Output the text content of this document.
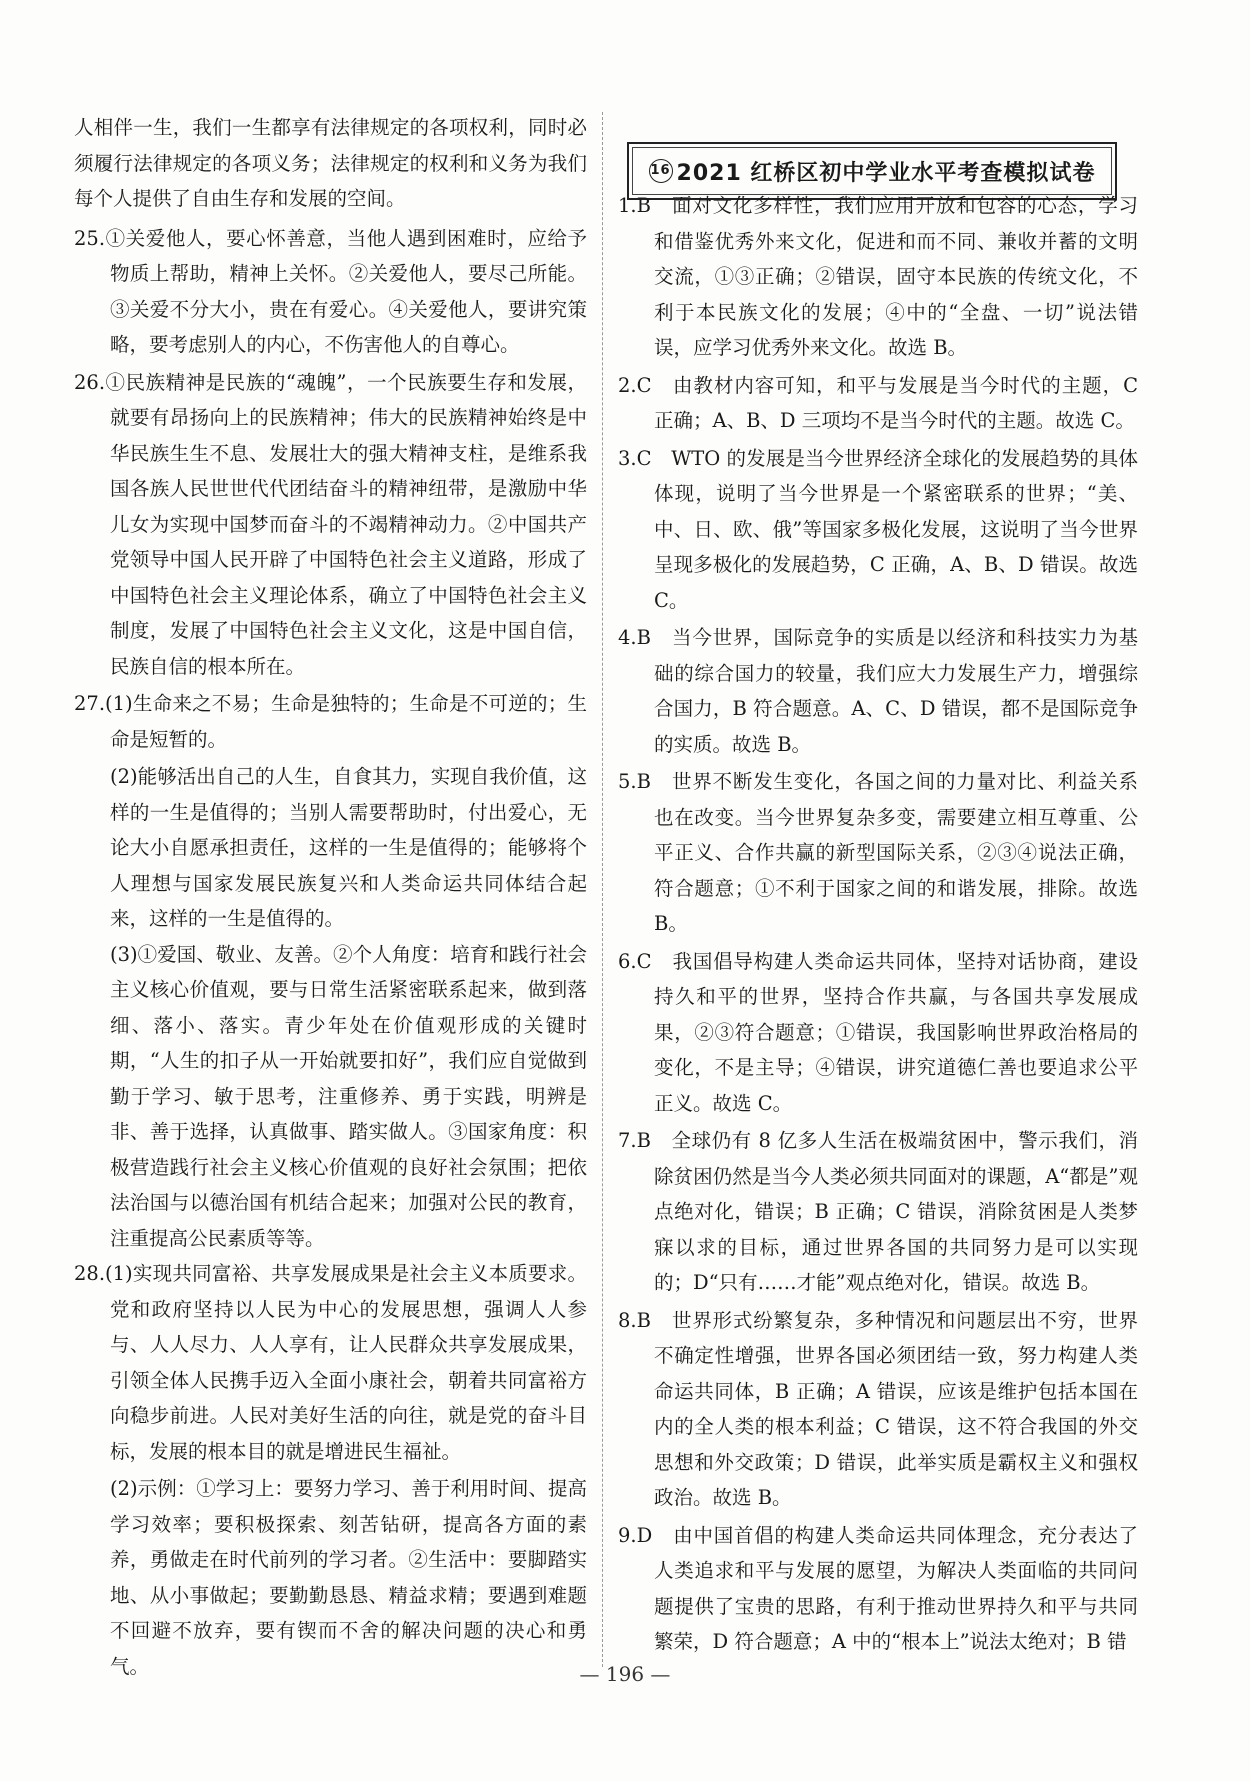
人相伴一生，我们一生都享有法律规定的各项权利，同时必须履行法律规定的各项义务；法律规定的权利和义务为我们每个人提供了自由生存和发展的空间。

25.①关爱他人，要心怀善意，当他人遇到困难时，应给予物质上帮助，精神上关怀。②关爱他人，要尽己所能。③关爱不分大小，贵在有爱心。④关爱他人，要讲究策略，要考虑别人的内心，不伤害他人的自尊心。

26.①民族精神是民族的“魂魄”，一个民族要生存和发展，就要有昂扬向上的民族精神；伟大的民族精神始终是中华民族生生不息、发展壮大的强大精神支柱，是维系我国各族人民世世代代团结奋斗的精神纽带，是激励中华儿女为实现中国梦而奋斗的不竭精神动力。②中国共产党领导中国人民开辟了中国特色社会主义道路，形成了中国特色社会主义理论体系，确立了中国特色社会主义制度，发展了中国特色社会主义文化，这是中国自信，民族自信的根本所在。

27.(1)生命来之不易；生命是独特的；生命是不可逆的；生命是短暂的。

(2)能够活出自己的人生，自食其力，实现自我价值，这样的一生是值得的；当别人需要帮助时，付出爱心，无论大小自愿承担责任，这样的一生是值得的；能够将个人理想与国家发展民族复兴和人类命运共同体结合起来，这样的一生是值得的。

(3)①爱国、敬业、友善。②个人角度：培育和践行社会主义核心价值观，要与日常生活紧密联系起来，做到落细、落小、落实。青少年处在价值观形成的关键时期，“人生的扣子从一开始就要扣好”，我们应自觉做到勤于学习、敏于思考，注重修养、勇于实践，明辨是非、善于选择，认真做事、踏实做人。③国家角度：积极营造践行社会主义核心价值观的良好社会氛围；把依法治国与以德治国有机结合起来；加强对公民的教育，注重提高公民素质等等。

28.(1)实现共同富裕、共享发展成果是社会主义本质要求。党和政府坚持以人民为中心的发展思想，强调人人参与、人人尽力、人人享有，让人民群众共享发展成果，引领全体人民携手迈入全面小康社会，朝着共同富裕方向稳步前进。人民对美好生活的向往，就是党的奋斗目标，发展的根本目的就是增进民生福祉。

(2)示例：①学习上：要努力学习、善于利用时间、提高学习效率；要积极探索、刻苦钻研，提高各方面的素养，勇做走在时代前列的学习者。②生活中：要脚踏实地、从小事做起；要勤勤恳恳、精益求精；要遇到难题不回避不放弃，要有锲而不舍的解决问题的决心和勇气。

16 2021 红桥区初中学业水平考查模拟试卷

1.B　面对文化多样性，我们应用开放和包容的心态，学习和借鉴优秀外来文化，促进和而不同、兼收并蓄的文明交流，①③正确；②错误，固守本民族的传统文化，不利于本民族文化的发展；④中的“全盘、一切”说法错误，应学习优秀外来文化。故选 B。

2.C　由教材内容可知，和平与发展是当今时代的主题，C 正确；A、B、D 三项均不是当今时代的主题。故选 C。

3.C　WTO 的发展是当今世界经济全球化的发展趋势的具体体现，说明了当今世界是一个紧密联系的世界；“美、中、日、欧、俄”等国家多极化发展，这说明了当今世界呈现多极化的发展趋势，C 正确，A、B、D 错误。故选 C。

4.B　当今世界，国际竞争的实质是以经济和科技实力为基础的综合国力的较量，我们应大力发展生产力，增强综合国力，B 符合题意。A、C、D 错误，都不是国际竞争的实质。故选 B。

5.B　世界不断发生变化，各国之间的力量对比、利益关系也在改变。当今世界复杂多变，需要建立相互尊重、公平正义、合作共赢的新型国际关系，②③④说法正确，符合题意；①不利于国家之间的和谐发展，排除。故选 B。

6.C　我国倡导构建人类命运共同体，坚持对话协商，建设持久和平的世界，坚持合作共赢，与各国共享发展成果，②③符合题意；①错误，我国影响世界政治格局的变化，不是主导；④错误，讲究道德仁善也要追求公平正义。故选 C。

7.B　全球仍有 8 亿多人生活在极端贫困中，警示我们，消除贫困仍然是当今人类必须共同面对的课题，A“都是”观点绝对化，错误；B 正确；C 错误，消除贫困是人类梦寐以求的目标，通过世界各国的共同努力是可以实现的；D“只有……才能”观点绝对化，错误。故选 B。

8.B　世界形式纷繁复杂，多种情况和问题层出不穷，世界不确定性增强，世界各国必须团结一致，努力构建人类命运共同体，B 正确；A 错误，应该是维护包括本国在内的全人类的根本利益；C 错误，这不符合我国的外交思想和外交政策；D 错误，此举实质是霸权主义和强权政治。故选 B。

9.D　由中国首倡的构建人类命运共同体理念，充分表达了人类追求和平与发展的愿望，为解决人类面临的共同问题提供了宝贵的思路，有利于推动世界持久和平与共同繁荣，D 符合题意；A 中的“根本上”说法太绝对；B 错

— 196 —
